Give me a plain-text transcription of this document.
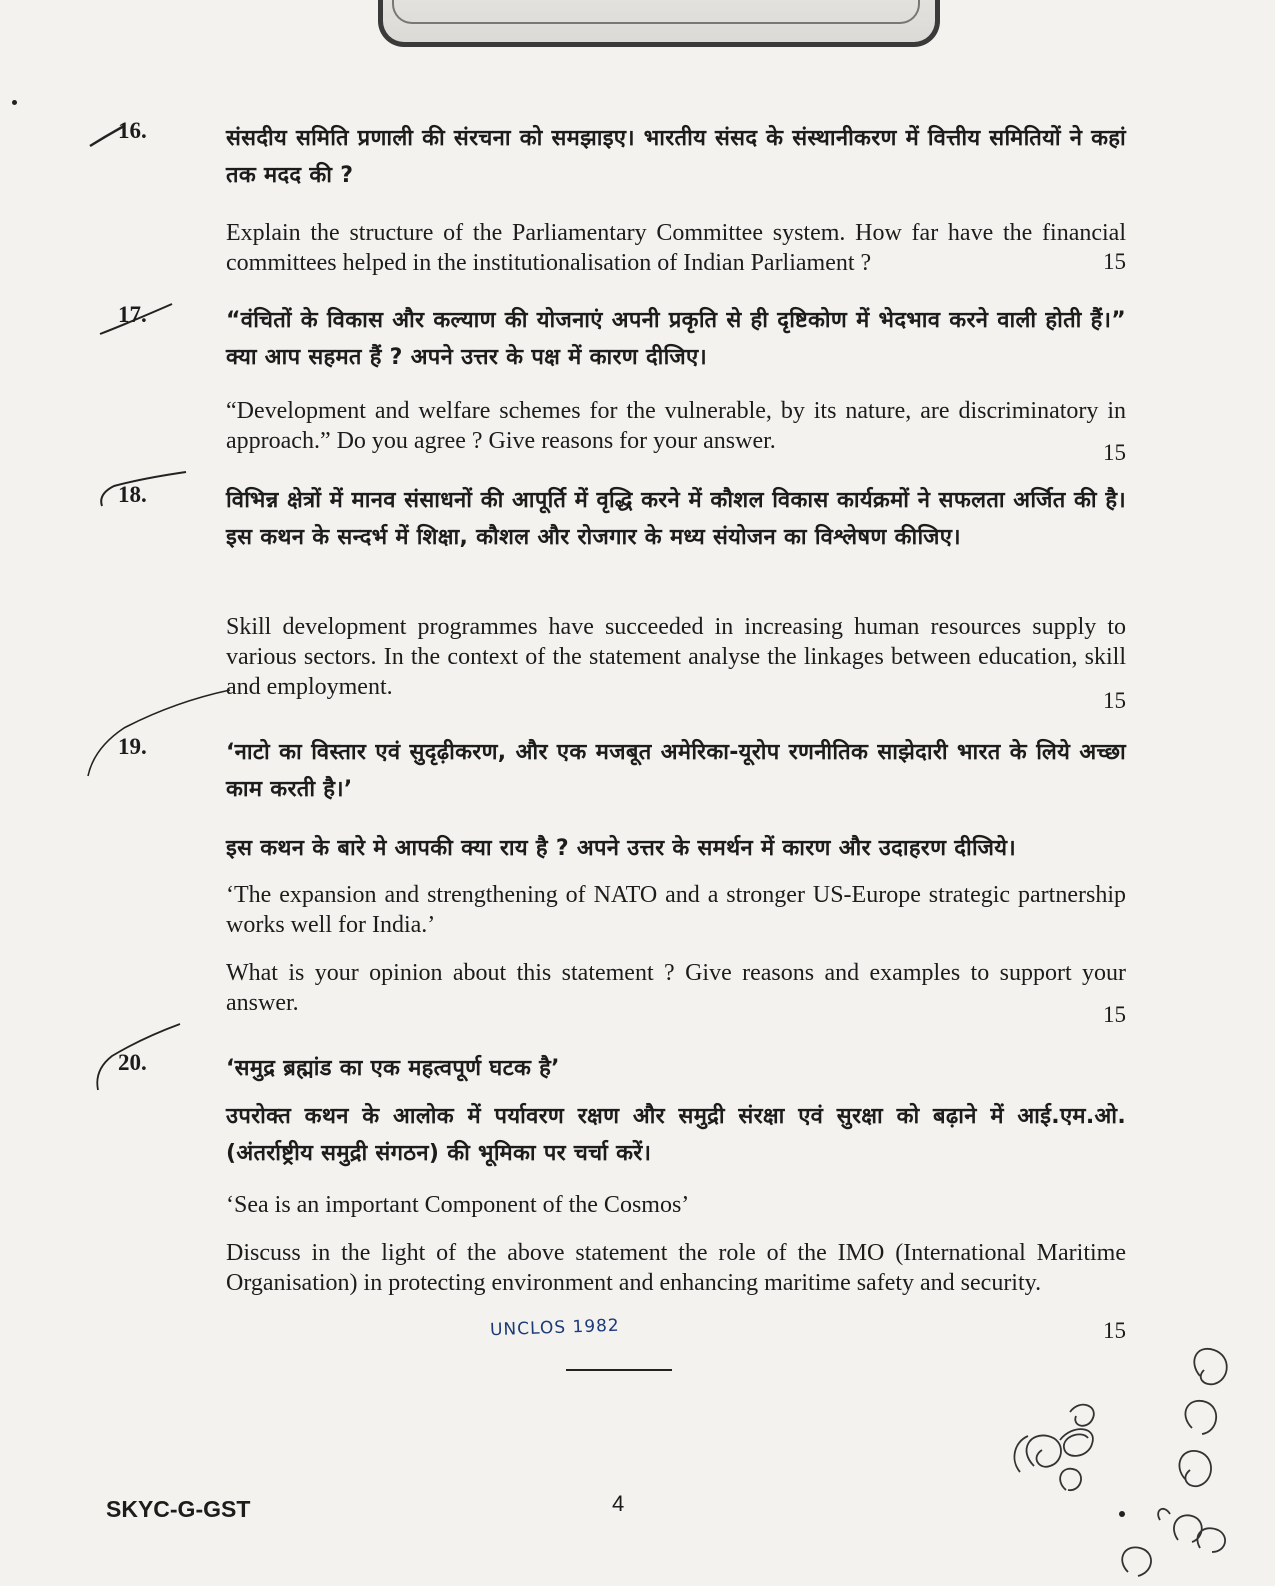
16.	संसदीय समिति प्रणाली की संरचना को समझाइए। भारतीय संसद के संस्थानीकरण में वित्तीय समितियों ने कहां तक मदद की ?
Explain the structure of the Parliamentary Committee system. How far have the financial committees helped in the institutionalisation of Indian Parliament ?	15
17.	“वंचितों के विकास और कल्याण की योजनाएं अपनी प्रकृति से ही दृष्टिकोण में भेदभाव करने वाली होती हैं।” क्या आप सहमत हैं ? अपने उत्तर के पक्ष में कारण दीजिए।
“Development and welfare schemes for the vulnerable, by its nature, are discriminatory in approach.” Do you agree ? Give reasons for your answer.	15
18.	विभिन्न क्षेत्रों में मानव संसाधनों की आपूर्ति में वृद्धि करने में कौशल विकास कार्यक्रमों ने सफलता अर्जित की है। इस कथन के सन्दर्भ में शिक्षा, कौशल और रोजगार के मध्य संयोजन का विश्लेषण कीजिए।
Skill development programmes have succeeded in increasing human resources supply to various sectors. In the context of the statement analyse the linkages between education, skill and employment.
15
19.	‘नाटो का विस्तार एवं सुदृढ़ीकरण, और एक मजबूत अमेरिका-यूरोप रणनीतिक साझेदारी भारत के लिये अच्छा काम करती है।’
इस कथन के बारे मे आपकी क्या राय है ? अपने उत्तर के समर्थन में कारण और उदाहरण दीजिये।
‘The expansion and strengthening of NATO and a stronger US-Europe strategic partnership works well for India.’
What is your opinion about this statement ? Give reasons and examples to support your answer.	15
20.	‘समुद्र ब्रह्मांड का एक महत्वपूर्ण घटक है’
उपरोक्त कथन के आलोक में पर्यावरण रक्षण और समुद्री संरक्षा एवं सुरक्षा को बढ़ाने में आई.एम.ओ. (अंतर्राष्ट्रीय समुद्री संगठन) की भूमिका पर चर्चा करें।
‘Sea is an important Component of the Cosmos’
Discuss in the light of the above statement the role of the IMO (International Maritime Organisation) in protecting environment and enhancing maritime safety and security.
15
UNCLOS 1982
SKYC-G-GST	4
